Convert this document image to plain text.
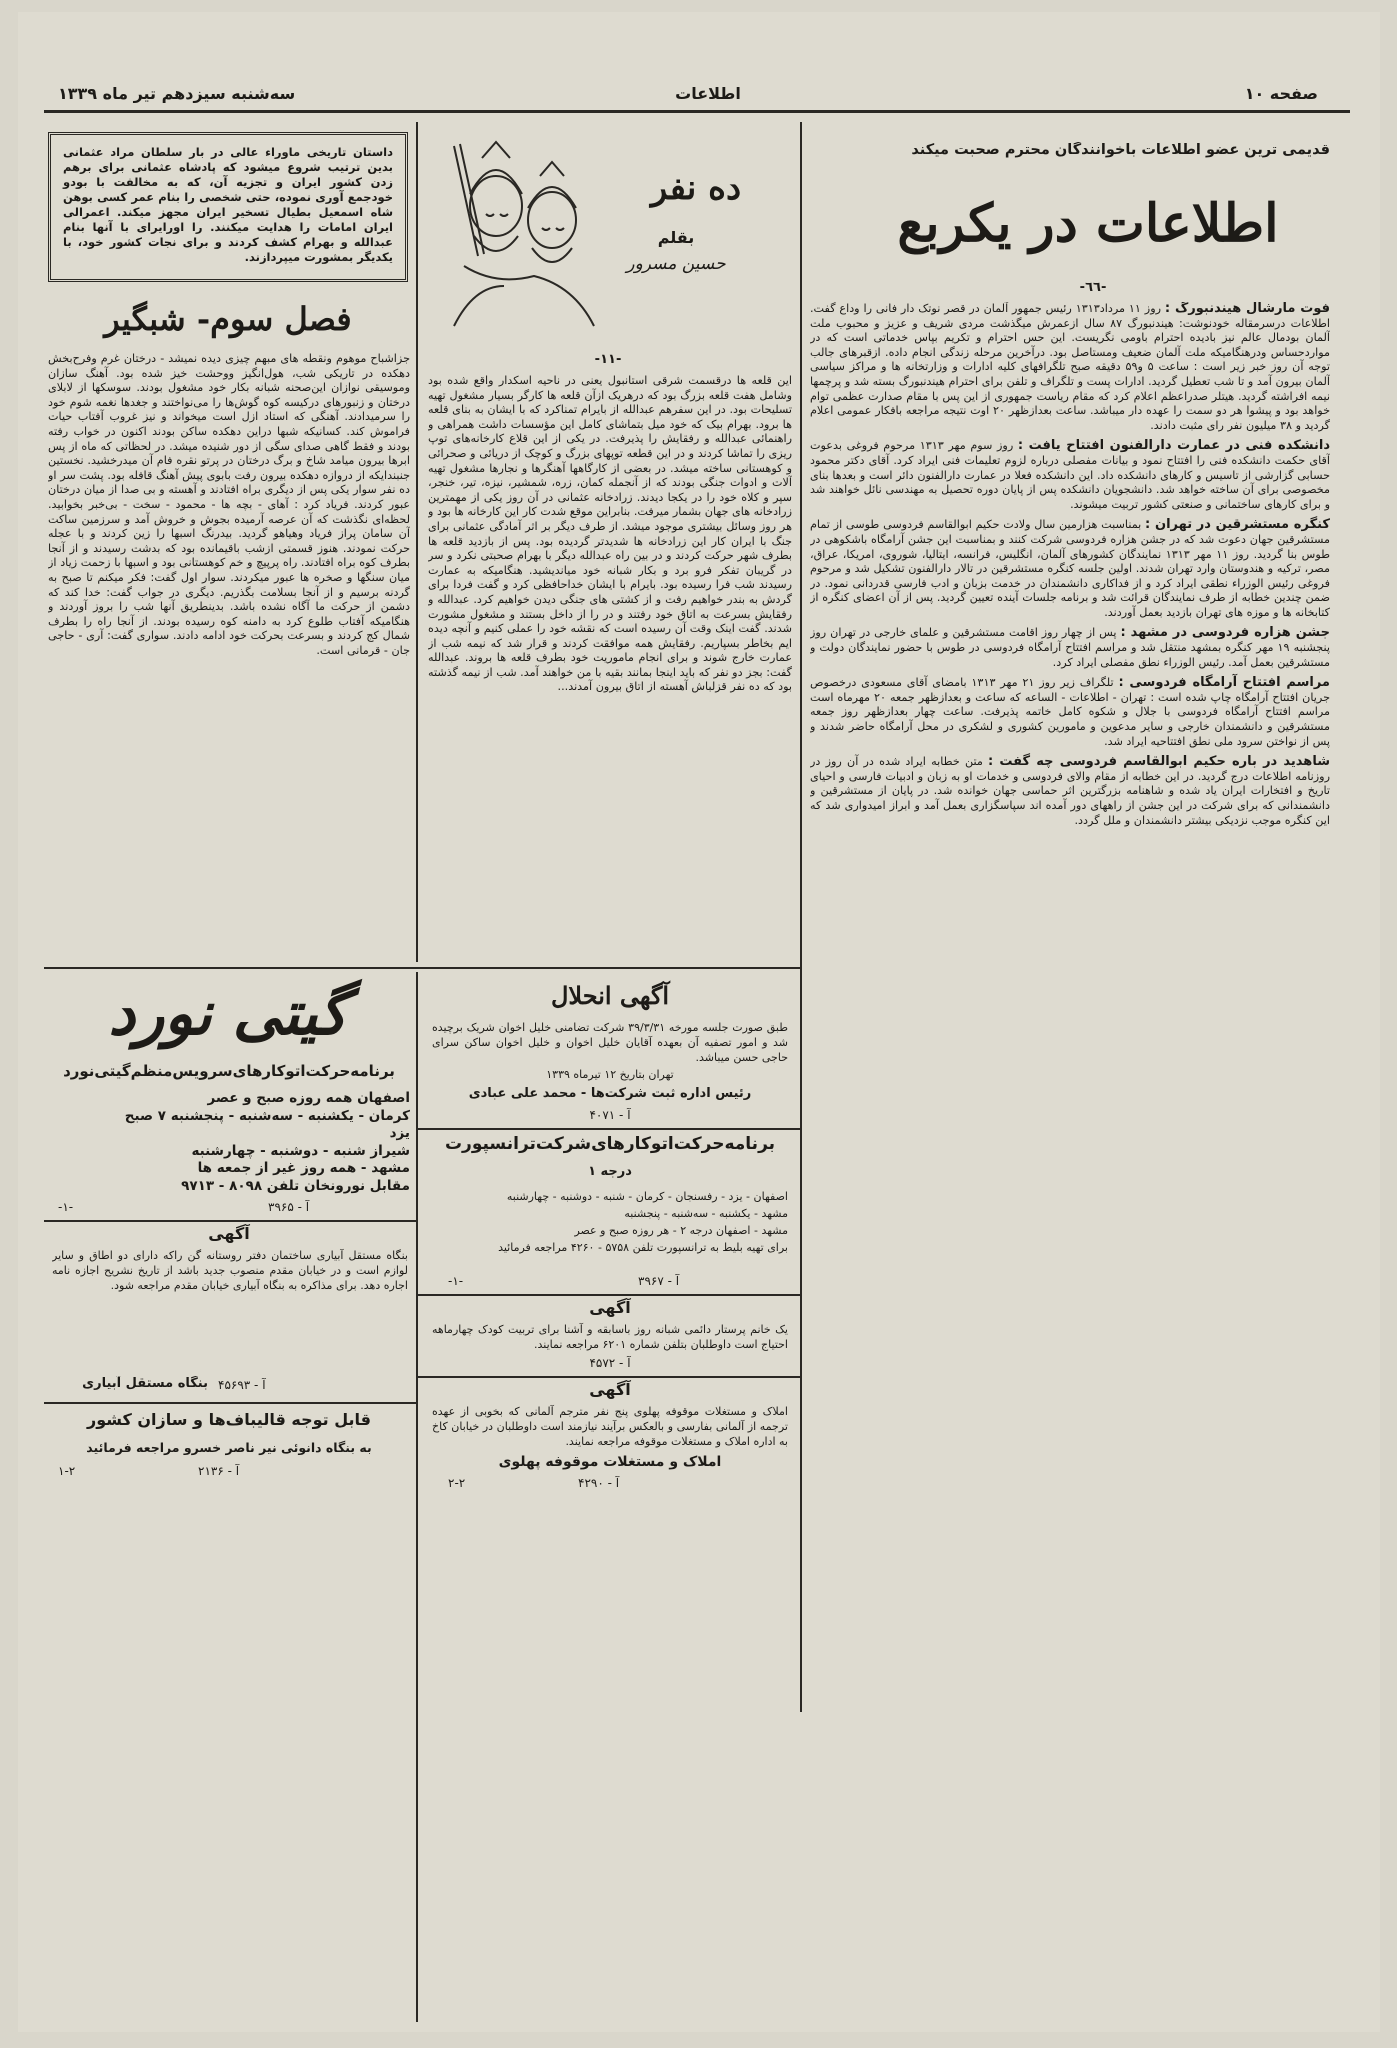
سه‌شنبه سیزدهم تیر ماه ۱۳۳۹	اطلاعات	صفحه ۱۰
قدیمی ترین عضو اطلاعات باخوانندگان محترم صحبت میکند
اطلاعات در یکربع
-٦٦-
فوت مارشال هیندنبورگ : روز ۱۱ مرداد۱۳۱۳ رئیس جمهور آلمان در قصر نوتک دار فانی را وداع گفت. اطلاعات درسرمقاله خودنوشت: هیندنبورگ ۸۷ سال ازعمرش میگذشت مردی شریف و عزیز و محبوب ملت آلمان بودمال عالم نیز بادیده احترام باومی نگریست. این حس احترام و تکریم بپاس خدماتی است که در مواردحساس ودرهنگامیکه ملت آلمان ضعیف ومستاصل بود. درآخرین مرحله زندگی انجام داده. ازقبرهای جالب توجه آن روز خبر زیر است : ساعت ۵ و۵۹ دقیقه صبح تلگرافهای کلیه ادارات و وزارتخانه ها و مراکز سیاسی آلمان بیرون آمد و تا شب تعطیل گردید. ادارات پست و تلگراف و تلفن برای احترام هیندنبورگ بسته شد و پرچمها نیمه افراشته گردید. هیتلر صدراعظم اعلام کرد که مقام ریاست جمهوری از این پس با مقام صدارت عظمی توام خواهد بود و پیشوا هر دو سمت را عهده دار میباشد. ساعت بعدازظهر ۲۰ اوت نتیجه مراجعه بافکار عمومی اعلام گردید و ۳۸ میلیون نفر رای مثبت دادند.
دانشکده فنی در عمارت دارالفنون افتتاح یافت : روز سوم مهر ۱۳۱۳ مرحوم فروغی بدعوت آقای حکمت دانشکده فنی را افتتاح نمود و بیانات مفصلی درباره لزوم تعلیمات فنی ایراد کرد. آقای دکتر محمود حسابی گزارشی از تاسیس و کارهای دانشکده داد. این دانشکده فعلا در عمارت دارالفنون دائر است و بعدها بنای مخصوصی برای آن ساخته خواهد شد. دانشجویان دانشکده پس از پایان دوره تحصیل به مهندسی نائل خواهند شد و برای کارهای ساختمانی و صنعتی کشور تربیت میشوند.
کنگره مستشرقین در تهران : بمناسبت هزارمین سال ولادت حکیم ابوالقاسم فردوسی طوسی از تمام مستشرقین جهان دعوت شد که در جشن هزاره فردوسی شرکت کنند و بمناسبت این جشن آرامگاه باشکوهی در طوس بنا گردید. روز ۱۱ مهر ۱۳۱۳ نمایندگان کشورهای آلمان، انگلیس، فرانسه، ایتالیا، شوروی، امریکا، عراق، مصر، ترکیه و هندوستان وارد تهران شدند. اولین جلسه کنگره مستشرقین در تالار دارالفنون تشکیل شد و مرحوم فروغی رئیس الوزراء نطقی ایراد کرد و از فداکاری دانشمندان در خدمت بزبان و ادب فارسی قدردانی نمود. در ضمن چندین خطابه از طرف نمایندگان قرائت شد و برنامه جلسات آینده تعیین گردید. پس از آن اعضای کنگره از کتابخانه ها و موزه های تهران بازدید بعمل آوردند.
جشن هزاره فردوسی در مشهد : پس از چهار روز اقامت مستشرقین و علمای خارجی در تهران روز پنجشنبه ۱۹ مهر کنگره بمشهد منتقل شد و مراسم افتتاح آرامگاه فردوسی در طوس با حضور نمایندگان دولت و مستشرقین بعمل آمد. رئیس الوزراء نطق مفصلی ایراد کرد.
مراسم افتتاح آرامگاه فردوسی : تلگراف زیر روز ۲۱ مهر ۱۳۱۳ بامضای آقای مسعودی درخصوص جریان افتتاح آرامگاه چاپ شده است : تهران - اطلاعات - الساعه که ساعت و بعدازظهر جمعه ۲۰ مهرماه است مراسم افتتاح آرامگاه فردوسی با جلال و شکوه کامل خاتمه پذیرفت. ساعت چهار بعدازظهر روز جمعه مستشرقین و دانشمندان خارجی و سایر مدعوین و مامورین کشوری و لشکری در محل آرامگاه حاضر شدند و پس از نواختن سرود ملی نطق افتتاحیه ایراد شد.
شاهدید در باره حکیم ابوالقاسم فردوسی چه گفت : متن خطابه ایراد شده در آن روز در روزنامه اطلاعات درج گردید. در این خطابه از مقام والای فردوسی و خدمات او به زبان و ادبیات فارسی و احیای تاریخ و افتخارات ایران یاد شده و شاهنامه بزرگترین اثر حماسی جهان خوانده شد. در پایان از مستشرقین و دانشمندانی که برای شرکت در این جشن از راههای دور آمده اند سپاسگزاری بعمل آمد و ابراز امیدواری شد که این کنگره موجب نزدیکی بیشتر دانشمندان و ملل گردد.
ده نفر
بقلم
حسین مسرور
-۱۱-
این قلعه ها درقسمت شرقی استانبول یعنی در ناحیه اسکدار واقع شده بود وشامل هفت قلعه بزرگ بود که درهریک ازآن قلعه ها کارگر بسیار مشغول تهیه تسلیحات بود. در این سفرهم عبدالله از بایرام تمناکرد که با ایشان به بنای قلعه ها برود. بهرام بیک که خود میل بتماشای کامل این مؤسسات داشت همراهی و راهنمائی عبدالله و رفقایش را پذیرفت. در یکی از این قلاع کارخانه‌های توپ ریزی را تماشا کردند و در این قطعه توپهای بزرگ و کوچک از دریائی و صحرائی و کوهستانی ساخته میشد. در بعضی از کارگاهها آهنگرها و نجارها مشغول تهیه آلات و ادوات جنگی بودند که از آنجمله کمان، زره، شمشیر، نیزه، تیر، خنجر، سپر و کلاه خود را در یکجا دیدند. زرادخانه عثمانی در آن روز یکی از مهمترین زرادخانه های جهان بشمار میرفت. بنابراین موقع شدت کار این کارخانه ها بود و هر روز وسائل بیشتری موجود میشد. از طرف دیگر بر اثر آمادگی عثمانی برای جنگ با ایران کار این زرادخانه ها شدیدتر گردیده بود. پس از بازدید قلعه ها بطرف شهر حرکت کردند و در بین راه عبدالله دیگر با بهرام صحبتی نکرد و سر در گریبان تفکر فرو برد و بکار شبانه خود میاندیشید. هنگامیکه به عمارت رسیدند شب فرا رسیده بود. بایرام با ایشان خداحافظی کرد و گفت فردا برای گردش به بندر خواهیم رفت و از کشتی های جنگی دیدن خواهیم کرد. عبدالله و رفقایش بسرعت به اتاق خود رفتند و در را از داخل بستند و مشغول مشورت شدند. گفت اینک وقت آن رسیده است که نقشه خود را عملی کنیم و آنچه دیده ایم بخاطر بسپاریم. رفقایش همه موافقت کردند و قرار شد که نیمه شب از عمارت خارج شوند و برای انجام ماموریت خود بطرف قلعه ها بروند. عبدالله گفت: بجز دو نفر که باید اینجا بمانند بقیه با من خواهند آمد. شب از نیمه گذشته بود که ده نفر قزلباش آهسته از اتاق بیرون آمدند...
داستان تاریخی ماوراء عالی در بار سلطان مراد عثمانی بدین ترتیب شروع میشود که پادشاه عثمانی برای برهم زدن کشور ایران و تجزیه آن، که به مخالفت با بودو خودجمع آوری نموده، حتی شخصی را بنام عمر کسی بوهن شاه اسمعیل بطیال تسخیر ایران مجهز میکند. اعمرالی ایران امامات را هدایت میکنند. را اورایرای با آنها بنام عبدالله و بهرام کشف کردند و برای نجات کشور خود، با یکدیگر بمشورت میپردازند.
فصل سوم- شبگیر
جزاشباح موهوم ونقطه های مبهم چیزی دیده نمیشد - درختان‌ غرم وفرح‌بخش دهکده در تاریکی شب، هول‌انگیز ووحشت خیز شده بود. آهنگ سازان وموسیقی نوازان این‌صحنه شبانه بکار خود مشغول بودند. سوسکها از لابلای درختان و زنبورهای درکیسه کوه گوش‌ها را می‌نواختند و جغدها نغمه شوم خود را سرمیدادند. آهنگی که استاد ازل است میخواند و نیز غروب آفتاب حیات فراموش کند. کسانیکه شبها دراین دهکده ساکن بودند اکنون در خواب رفته بودند و فقط گاهی صدای سگی از دور شنیده میشد. در لحظاتی که ماه از پس ابرها بیرون میامد شاخ و برگ درختان در پرتو نقره فام آن میدرخشید. نخستین جنبندایکه از دروازه دهکده بیرون رفت بابوی پیش آهنگ قافله بود. پشت سر او ده نفر سوار یکی پس از دیگری براه افتادند و آهسته و بی صدا از میان درختان عبور کردند. فریاد کرد : آهای - بچه ها - محمود - سخت - بی‌خبر بخوابید. لحظه‌ای نگذشت که آن عرصه آرمیده بجوش و خروش آمد و سرزمین ساکت آن سامان پراز فریاد وهیاهو گردید. بیدرنگ اسبها را زین کردند و با عجله حرکت نمودند. هنوز قسمتی ازشب باقیمانده بود که بدشت رسیدند و از آنجا بطرف کوه براه افتادند. راه پرپیچ و خم کوهستانی بود و اسبها با زحمت زیاد از میان سنگها و صخره ها عبور میکردند. سوار اول گفت: فکر میکنم تا صبح به گردنه برسیم و از آنجا بسلامت بگذریم. دیگری در جواب گفت: خدا کند که دشمن از حرکت ما آگاه نشده باشد. بدینطریق آنها شب را بروز آوردند و هنگامیکه آفتاب طلوع کرد به دامنه کوه رسیده بودند. از آنجا راه را بطرف شمال کج کردند و بسرعت بحرکت خود ادامه دادند. سواری گفت: آری - حاجی جان - قرمانی است.
گیتی نورد
برنامه‌حرکت‌اتوکارهای‌سرویس‌منظم‌گیتی‌نورد
اصفهان همه روزه صبح و عصر
کرمان - یکشنبه - سه‌شنبه - پنجشنبه ۷ صبح
یزد
شیراز شنبه - دوشنبه - چهارشنبه
مشهد - همه روز غیر از جمعه ها
مقابل نورونخان تلفن ۸۰۹۸ - ۹۷۱۳
آ - ۳۹۶۵
-۱-
آگهی
بنگاه مستقل آبیاری ساختمان دفتر روستانه گن راکه دارای دو اطاق و سایر لوازم است و در خیابان مقدم منصوب جدید باشد از تاریخ نشریح اجازه نامه اجاره دهد. برای مذاکره به بنگاه آبیاری خیابان مقدم مراجعه شود.
آ - ۴۵۶۹۳
بنگاه مستقل آبیاری
قابل توجه قالیباف‌ها و سازان کشور
به بنگاه دانوئی نیر ناصر خسرو مراجعه فرمائید
آ - ۲۱۳۶
۱-۲
آگهی انحلال
طبق صورت جلسه مورخه ۳۹/۳/۳۱ شرکت تضامنی خلیل اخوان شریک برچیده شد و امور تصفیه آن بعهده آقایان خلیل اخوان و خلیل اخوان ساکن سرای حاجی حسن میباشد.
تهران بتاریخ ۱۲ تیرماه ۱۳۳۹
رئیس اداره ثبت شرکت‌ها - محمد علی عبادی
آ - ۴۰۷۱
برنامه‌حرکت‌اتوکار‌های‌شرکت‌ترانسپورت
درجه ۱
اصفهان - یزد - رفسنجان - کرمان - شنبه - دوشنبه - چهارشنبه
مشهد - یکشنبه - سه‌شنبه - پنجشنبه
مشهد - اصفهان درجه ۲ - هر روزه صبح و عصر
برای تهیه بلیط به ترانسپورت تلفن ۵۷۵۸ - ۴۲۶۰ مراجعه فرمائید
آ - ۳۹۶۷
-۱-
آگهی
یک خانم پرستار دائمی شبانه روز باسابقه و آشنا برای تربیت کودک چهارماهه احتیاج است داوطلبان بتلفن شماره ۶۲۰۱ مراجعه نمایند.
آ - ۴۵۷۲
آگهی
املاک و مستغلات موقوفه پهلوی پنج نفر مترجم آلمانی که بخوبی از عهده ترجمه از آلمانی بفارسی و بالعکس برآیند نیازمند است داوطلبان در خیابان کاخ به اداره املاک و مستغلات موقوفه مراجعه نمایند.
املاک و مستغلات موقوفه پهلوی
آ - ۴۲۹۰
۲-۲
